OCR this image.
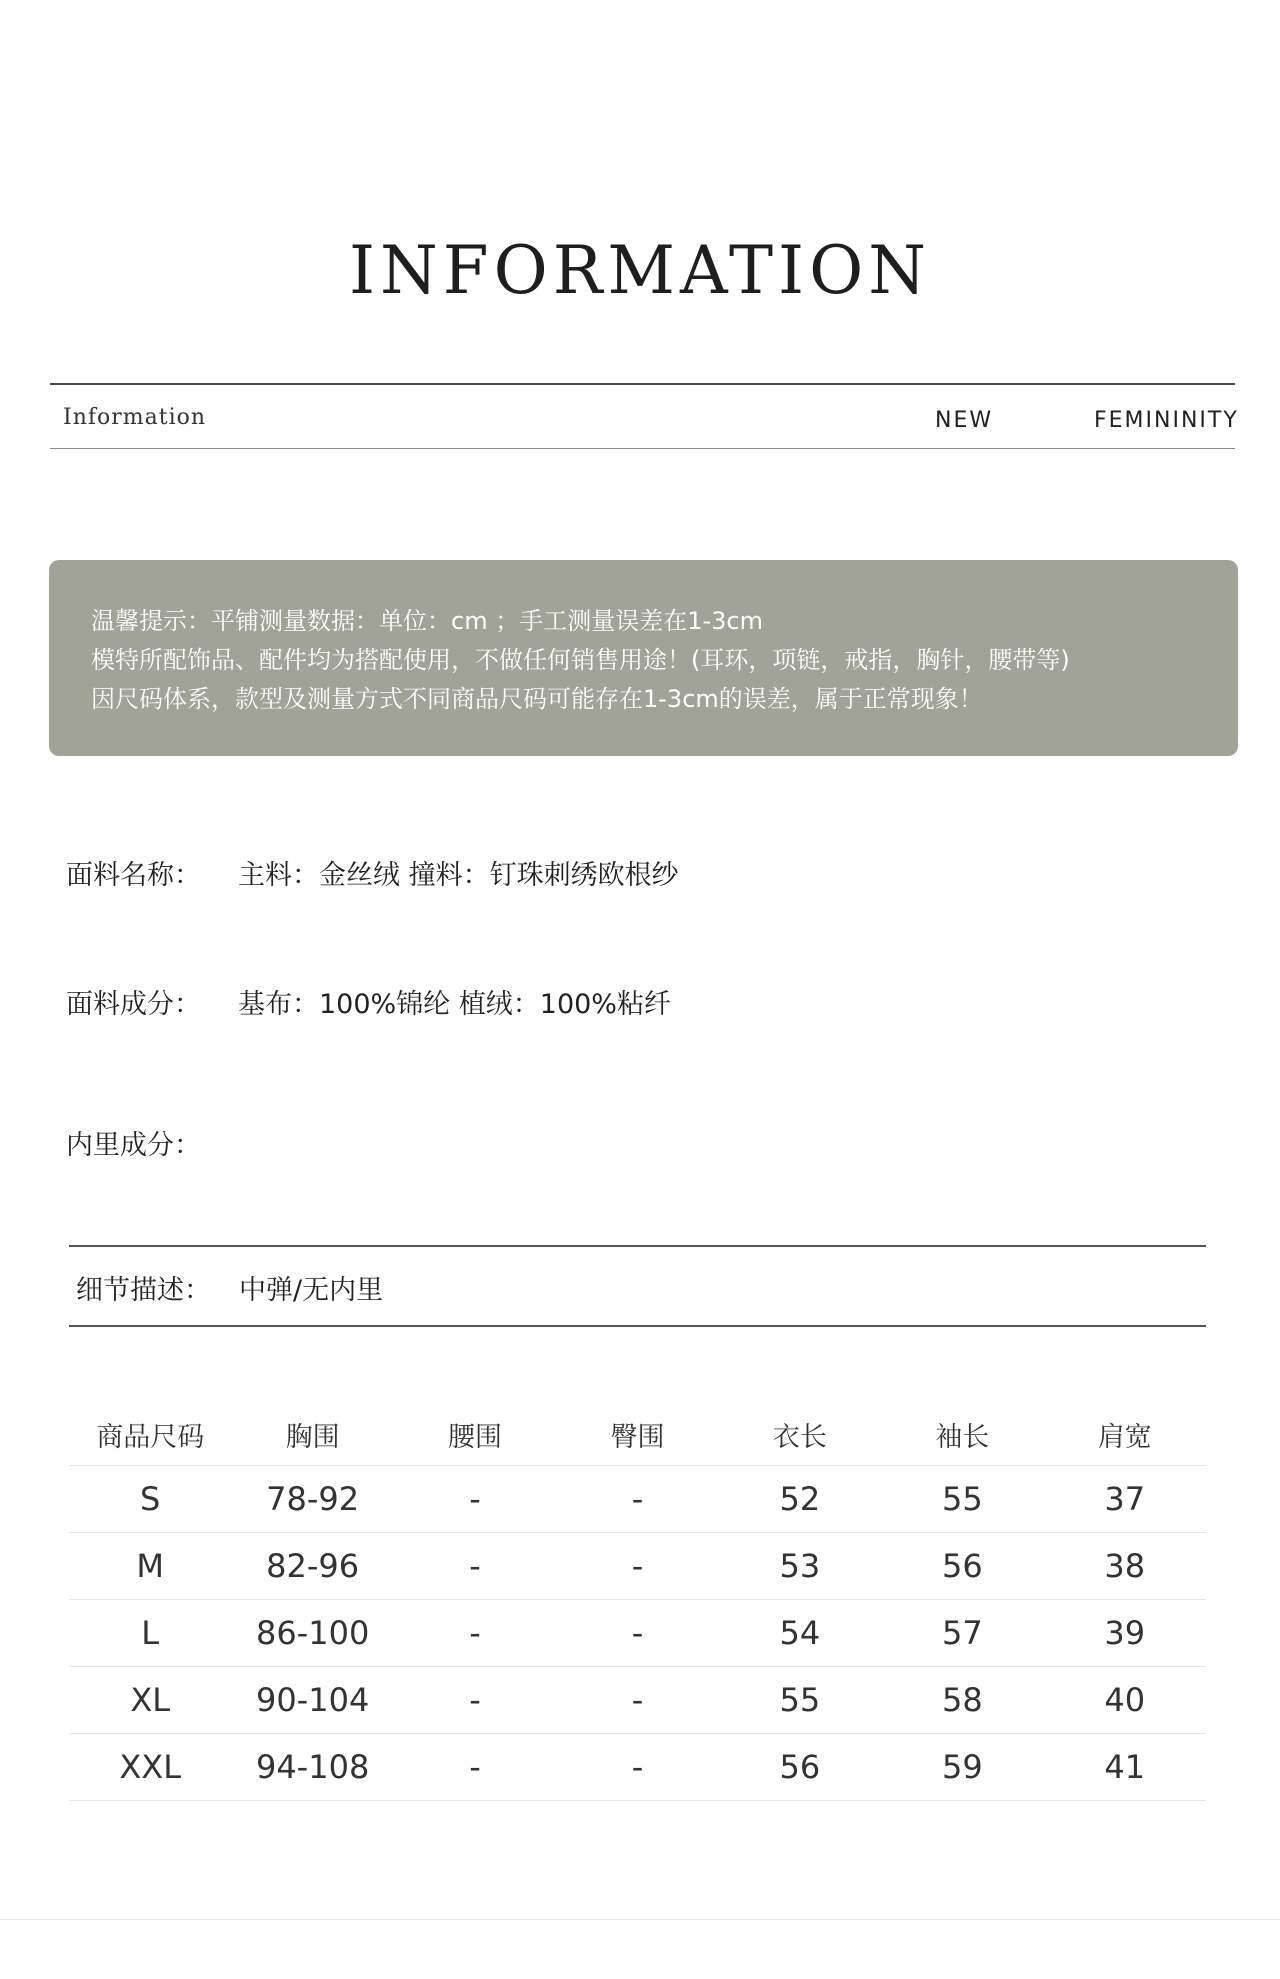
INFORMATION
Information	NEW	FEMININITY
温馨提示：平铺测量数据：单位：cm ；手工测量误差在1-3cm
模特所配饰品、配件均为搭配使用，不做任何销售用途！(耳环，项链，戒指，胸针，腰带等)
因尺码体系，款型及测量方式不同商品尺码可能存在1-3cm的误差，属于正常现象！
面料名称： 主料：金丝绒 撞料：钉珠刺绣欧根纱
面料成分： 基布：100%锦纶 植绒：100%粘纤
内里成分：
细节描述： 中弹/无内里
商品尺码	胸围	腰围	臀围	衣长	袖长	肩宽
S	78-92	-	-	52	55	37
M	82-96	-	-	53	56	38
L	86-100	-	-	54	57	39
XL	90-104	-	-	55	58	40
XXL	94-108	-	-	56	59	41
